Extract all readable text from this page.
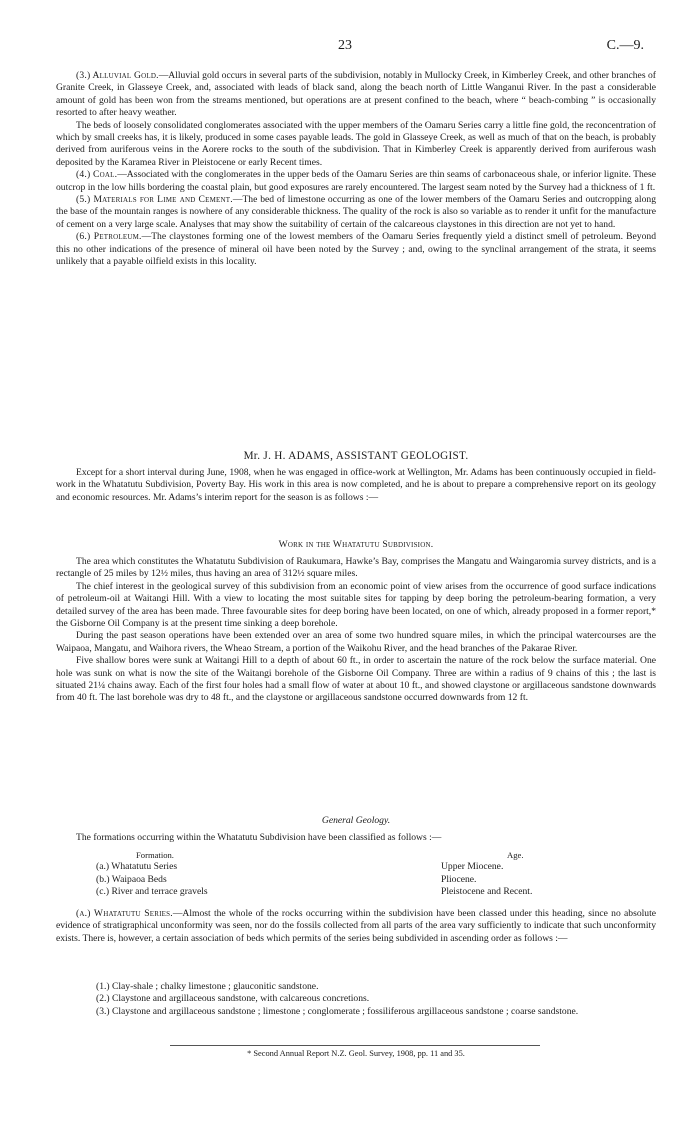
23	C.—9.

(3.) Alluvial Gold.—Alluvial gold occurs in several parts of the subdivision, notably in Mullocky Creek, in Kimberley Creek, and other branches of Granite Creek, in Glasseye Creek, and, associated with leads of black sand, along the beach north of Little Wanganui River. In the past a considerable amount of gold has been won from the streams mentioned, but operations are at present confined to the beach, where “ beach-combing ” is occasionally resorted to after heavy weather.

The beds of loosely consolidated conglomerates associated with the upper members of the Oamaru Series carry a little fine gold, the reconcentration of which by small creeks has, it is likely, produced in some cases payable leads. The gold in Glasseye Creek, as well as much of that on the beach, is probably derived from auriferous veins in the Aorere rocks to the south of the subdivision. That in Kimberley Creek is apparently derived from auriferous wash deposited by the Karamea River in Pleistocene or early Recent times.

(4.) Coal.—Associated with the conglomerates in the upper beds of the Oamaru Series are thin seams of carbonaceous shale, or inferior lignite. These outcrop in the low hills bordering the coastal plain, but good exposures are rarely encountered. The largest seam noted by the Survey had a thickness of 1 ft.

(5.) Materials for Lime and Cement.—The bed of limestone occurring as one of the lower members of the Oamaru Series and outcropping along the base of the mountain ranges is nowhere of any considerable thickness. The quality of the rock is also so variable as to render it unfit for the manufacture of cement on a very large scale. Analyses that may show the suitability of certain of the calcareous claystones in this direction are not yet to hand.

(6.) Petroleum.—The claystones forming one of the lowest members of the Oamaru Series frequently yield a distinct smell of petroleum. Beyond this no other indications of the presence of mineral oil have been noted by the Survey ; and, owing to the synclinal arrangement of the strata, it seems unlikely that a payable oilfield exists in this locality.

Mr. J. H. ADAMS, ASSISTANT GEOLOGIST.

Except for a short interval during June, 1908, when he was engaged in office-work at Wellington, Mr. Adams has been continuously occupied in field-work in the Whatatutu Subdivision, Poverty Bay. His work in this area is now completed, and he is about to prepare a comprehensive report on its geology and economic resources. Mr. Adams’s interim report for the season is as follows :—

Work in the Whatatutu Subdivision.

The area which constitutes the Whatatutu Subdivision of Raukumara, Hawke’s Bay, comprises the Mangatu and Waingaromia survey districts, and is a rectangle of 25 miles by 12½ miles, thus having an area of 312½ square miles.

The chief interest in the geological survey of this subdivision from an economic point of view arises from the occurrence of good surface indications of petroleum-oil at Waitangi Hill. With a view to locating the most suitable sites for tapping by deep boring the petroleum-bearing formation, a very detailed survey of the area has been made. Three favourable sites for deep boring have been located, on one of which, already proposed in a former report,* the Gisborne Oil Company is at the present time sinking a deep borehole.

During the past season operations have been extended over an area of some two hundred square miles, in which the principal watercourses are the Waipaoa, Mangatu, and Waihora rivers, the Wheao Stream, a portion of the Waikohu River, and the head branches of the Pakarae River.

Five shallow bores were sunk at Waitangi Hill to a depth of about 60 ft., in order to ascertain the nature of the rock below the surface material. One hole was sunk on what is now the site of the Waitangi borehole of the Gisborne Oil Company. Three are within a radius of 9 chains of this ; the last is situated 21¼ chains away. Each of the first four holes had a small flow of water at about 10 ft., and showed claystone or argillaceous sandstone downwards from 40 ft. The last borehole was dry to 48 ft., and the claystone or argillaceous sandstone occurred downwards from 12 ft.

General Geology.

The formations occurring within the Whatatutu Subdivision have been classified as follows :—

Formation.	Age.
(a.) Whatatutu Series	Upper Miocene.
(b.) Waipaoa Beds	Pliocene.
(c.) River and terrace gravels	Pleistocene and Recent.

(a.) Whatatutu Series.—Almost the whole of the rocks occurring within the subdivision have been classed under this heading, since no absolute evidence of stratigraphical unconformity was seen, nor do the fossils collected from all parts of the area vary sufficiently to indicate that such unconformity exists. There is, however, a certain association of beds which permits of the series being subdivided in ascending order as follows :—

(1.) Clay-shale ; chalky limestone ; glauconitic sandstone.
(2.) Claystone and argillaceous sandstone, with calcareous concretions.
(3.) Claystone and argillaceous sandstone ; limestone ; conglomerate ; fossiliferous argillaceous sandstone ; coarse sandstone.
* Second Annual Report N.Z. Geol. Survey, 1908, pp. 11 and 35.
